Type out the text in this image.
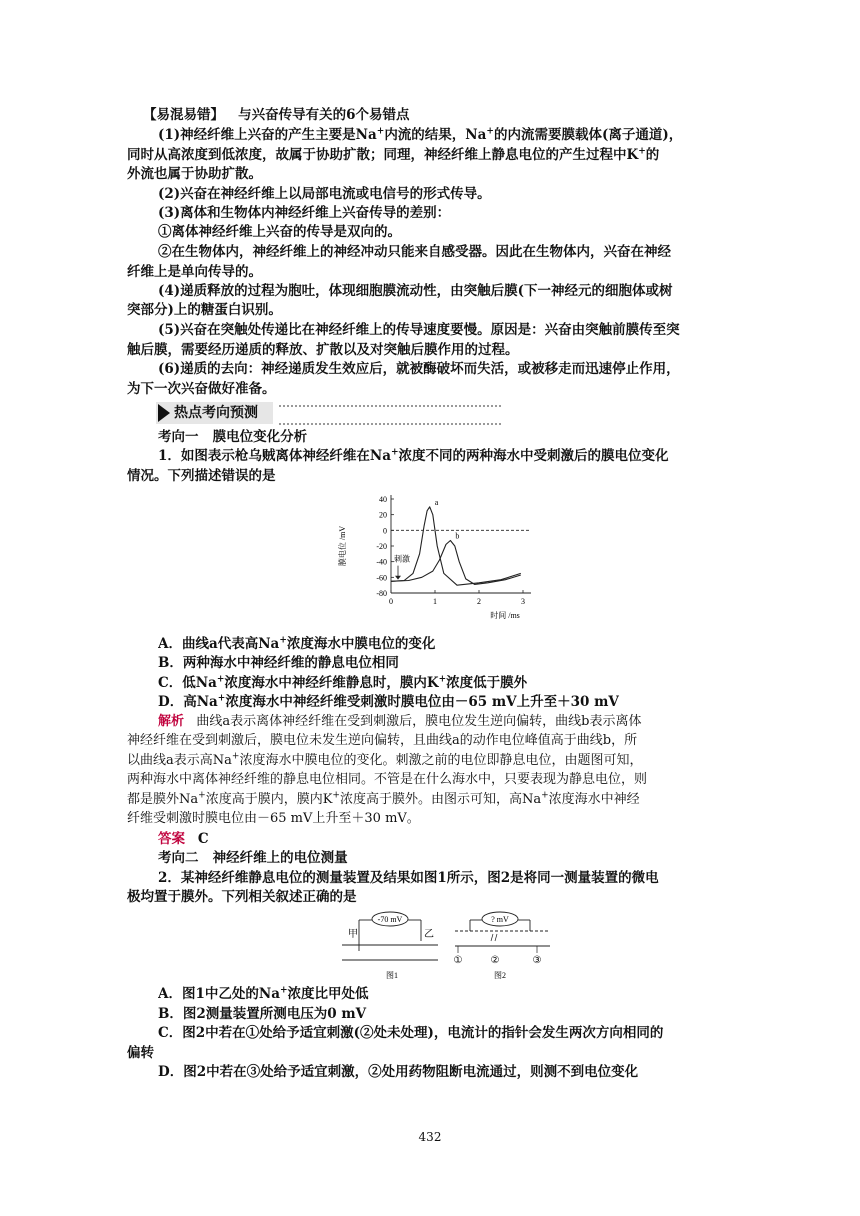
【易混易错】 与兴奋传导有关的6个易错点
(1)神经纤维上兴奋的产生主要是Na+内流的结果，Na+的内流需要膜载体(离子通道)，
同时从高浓度到低浓度，故属于协助扩散；同理，神经纤维上静息电位的产生过程中K+的
外流也属于协助扩散。
(2)兴奋在神经纤维上以局部电流或电信号的形式传导。
(3)离体和生物体内神经纤维上兴奋传导的差别：
①离体神经纤维上兴奋的传导是双向的。
②在生物体内，神经纤维上的神经冲动只能来自感受器。因此在生物体内，兴奋在神经
纤维上是单向传导的。
(4)递质释放的过程为胞吐，体现细胞膜流动性，由突触后膜(下一神经元的细胞体或树
突部分)上的糖蛋白识别。
(5)兴奋在突触处传递比在神经纤维上的传导速度要慢。原因是：兴奋由突触前膜传至突
触后膜，需要经历递质的释放、扩散以及对突触后膜作用的过程。
(6)递质的去向：神经递质发生效应后，就被酶破坏而失活，或被移走而迅速停止作用，
为下一次兴奋做好准备。
热点考向预测
考向一 膜电位变化分析
1．如图表示枪乌贼离体神经纤维在Na+浓度不同的两种海水中受刺激后的膜电位变化
情况。下列描述错误的是
40
20
0
-20
-40
-60
-80
0	1	2	3
时间 /ms
膜电位 /mV	刺激
a
b
A．曲线a代表高Na+浓度海水中膜电位的变化
B．两种海水中神经纤维的静息电位相同
C．低Na+浓度海水中神经纤维静息时，膜内K+浓度低于膜外
D．高Na+浓度海水中神经纤维受刺激时膜电位由－65 mV上升至＋30 mV
解析 曲线a表示离体神经纤维在受到刺激后，膜电位发生逆向偏转，曲线b表示离体
神经纤维在受到刺激后，膜电位未发生逆向偏转，且曲线a的动作电位峰值高于曲线b，所
以曲线a表示高Na+浓度海水中膜电位的变化。刺激之前的电位即静息电位，由题图可知，
两种海水中离体神经纤维的静息电位相同。不管是在什么海水中，只要表现为静息电位，则
都是膜外Na+浓度高于膜内，膜内K+浓度高于膜外。由图示可知，高Na+浓度海水中神经
纤维受刺激时膜电位由－65 mV上升至＋30 mV。
答案 C
考向二 神经纤维上的电位测量
2．某神经纤维静息电位的测量装置及结果如图1所示，图2是将同一测量装置的微电
极均置于膜外。下列相关叙述正确的是
-70 mV
甲	乙
图1
? mV
①	②	③
图2
A．图1中乙处的Na+浓度比甲处低
B．图2测量装置所测电压为0 mV
C．图2中若在①处给予适宜刺激(②处未处理)，电流计的指针会发生两次方向相同的
偏转
D．图2中若在③处给予适宜刺激，②处用药物阻断电流通过，则测不到电位变化
432
